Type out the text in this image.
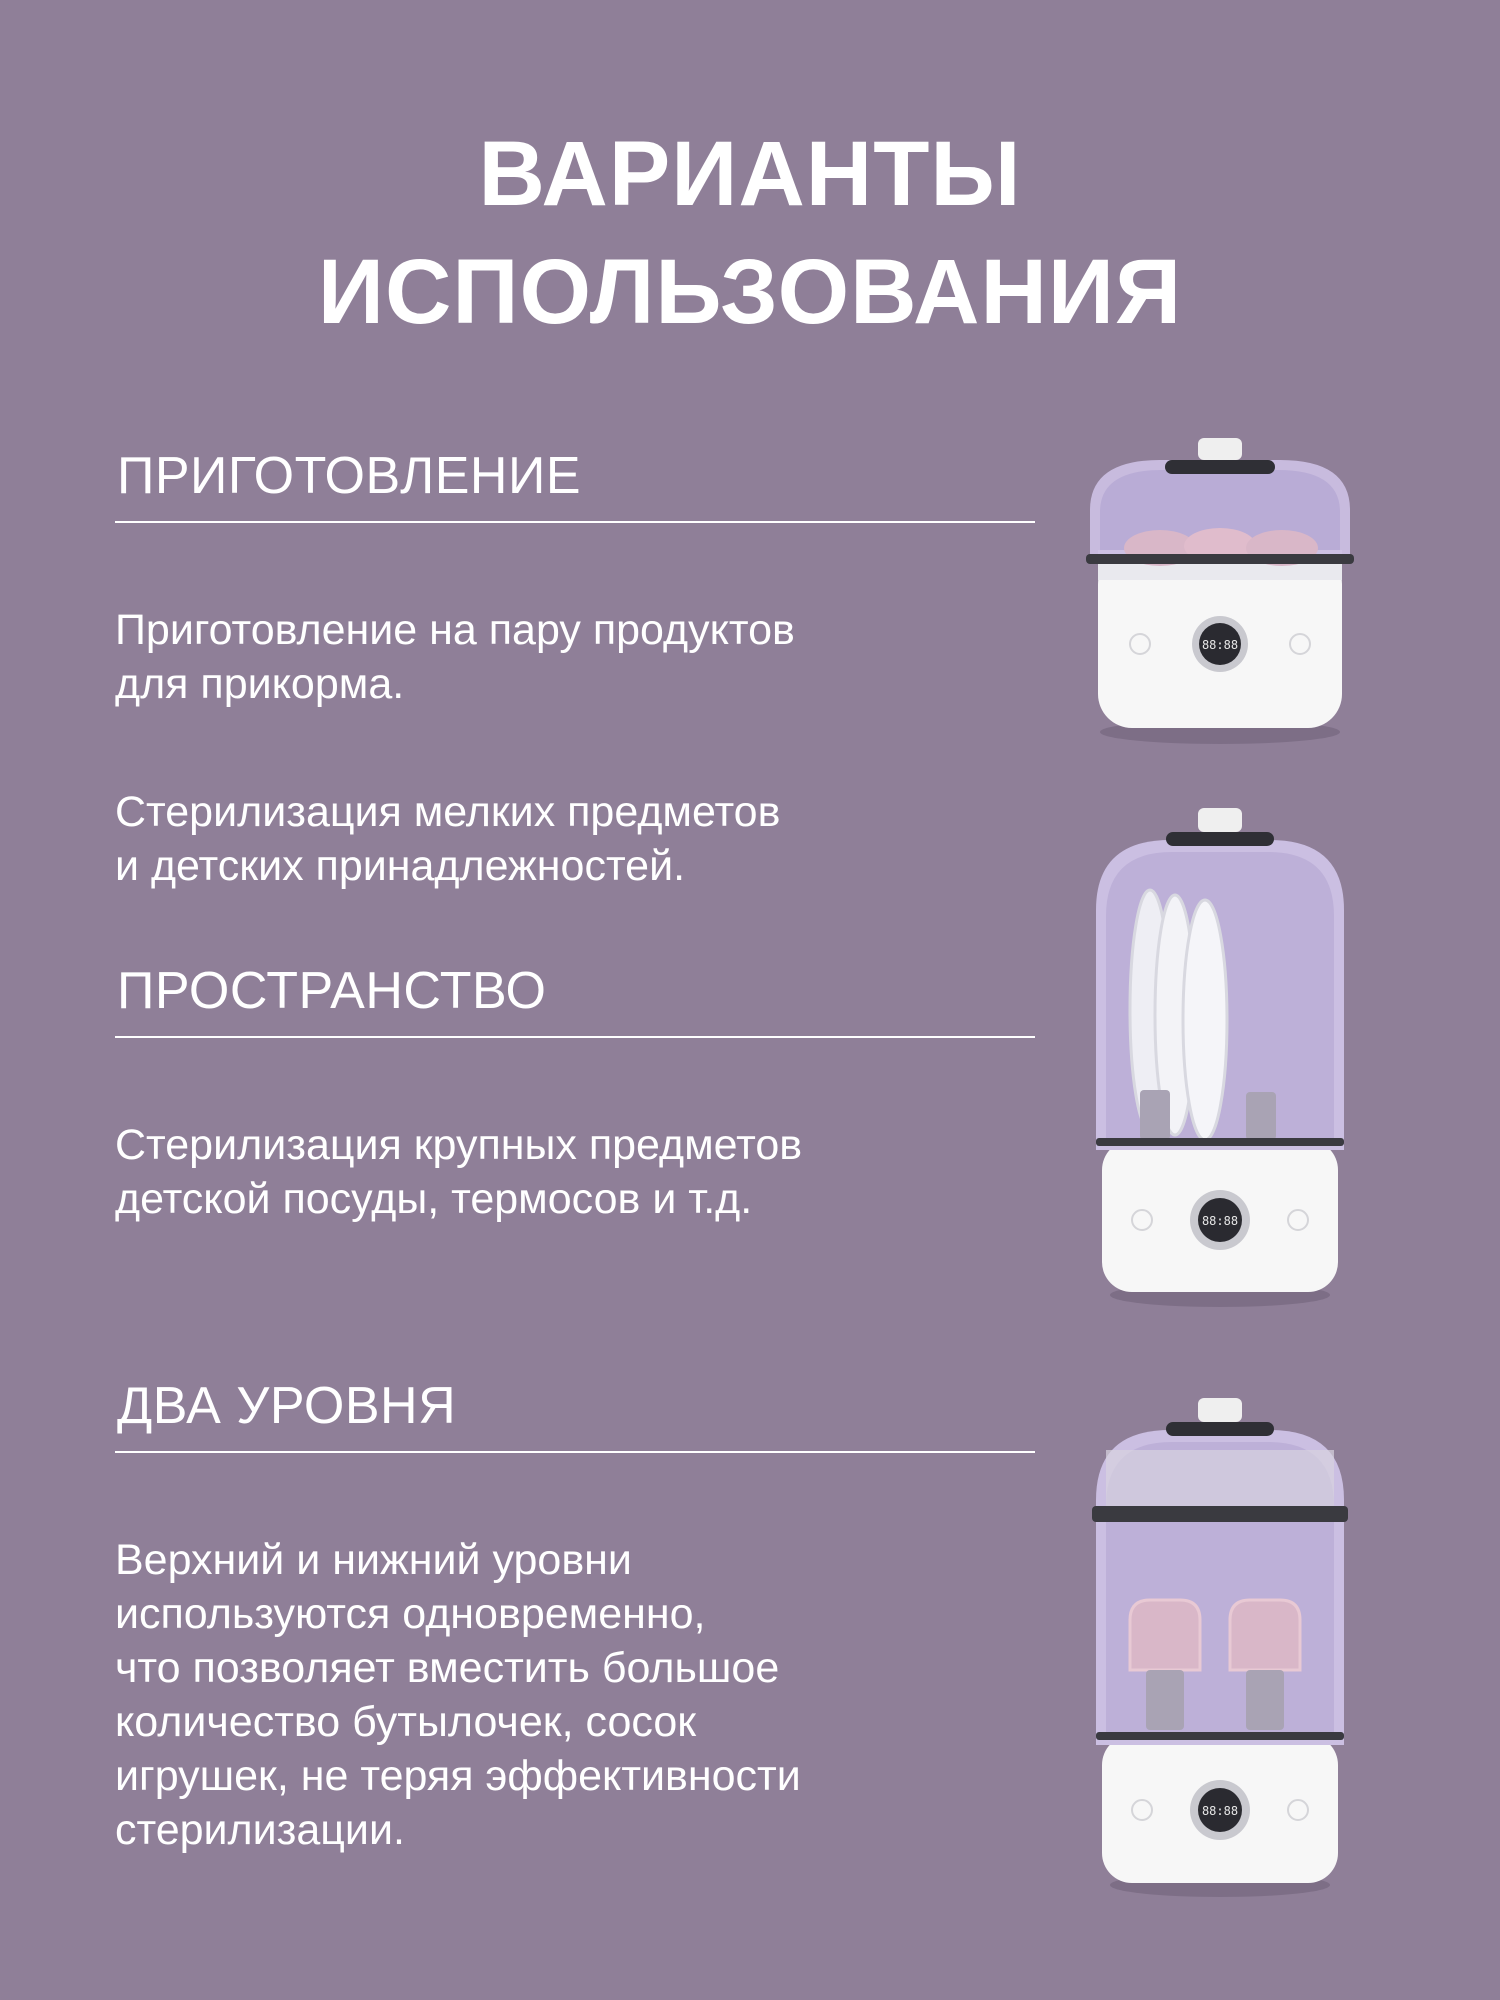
ВАРИАНТЫ
ИСПОЛЬЗОВАНИЯ
ПРИГОТОВЛЕНИЕ

Приготовление на пару продуктов
для прикорма.

Стерилизация мелких предметов
и детских принадлежностей.

ПРОСТРАНСТВО

Стерилизация крупных предметов
детской посуды, термосов и т.д.

ДВА УРОВНЯ

Верхний и нижний уровни
используются одновременно,
что позволяет вместить большое
количество бутылочек, сосок
игрушек, не теряя эффективности
стерилизации.

88:88
88:88
88:88
